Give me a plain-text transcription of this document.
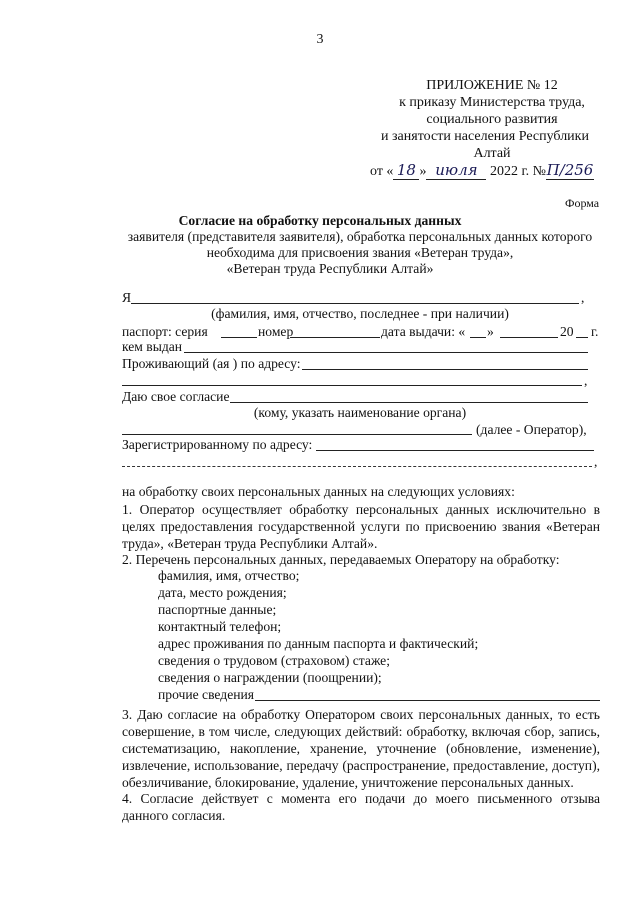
3
ПРИЛОЖЕНИЕ № 12
к приказу Министерства труда,
социального развития
и занятости населения Республики
Алтай
от « 18 » июля 2022 г. №П/256
Форма
Согласие на обработку персональных данных
заявителя (представителя заявителя), обработка персональных данных которого
необходима для присвоения звания «Ветеран труда»,
«Ветеран труда Республики Алтай»
Я	,
(фамилия, имя, отчество, последнее - при наличии)
паспорт: серия	номер	дата выдачи: « »	20 г.
кем выдан
Проживающий (ая ) по адресу:
,
Даю свое согласие
(кому, указать наименование органа)
(далее - Оператор),
Зарегистрированному по адресу:
,
на обработку своих персональных данных на следующих условиях:
1. Оператор осуществляет обработку персональных данных исключительно в целях предоставления государственной услуги по присвоению звания «Ветеран труда», «Ветеран труда Республики Алтай».
2. Перечень персональных данных, передаваемых Оператору на обработку:
фамилия, имя, отчество;
дата, место рождения;
паспортные данные;
контактный телефон;
адрес проживания по данным паспорта и фактический;
сведения о трудовом (страховом) стаже;
сведения о награждении (поощрении);
прочие сведения
3. Даю согласие на обработку Оператором своих персональных данных, то есть совершение, в том числе, следующих действий: обработку, включая сбор, запись, систематизацию, накопление, хранение, уточнение (обновление, изменение), извлечение, использование, передачу (распространение, предоставление, доступ), обезличивание, блокирование, удаление, уничтожение персональных данных.
4. Согласие действует с момента его подачи до моего письменного отзыва данного согласия.
